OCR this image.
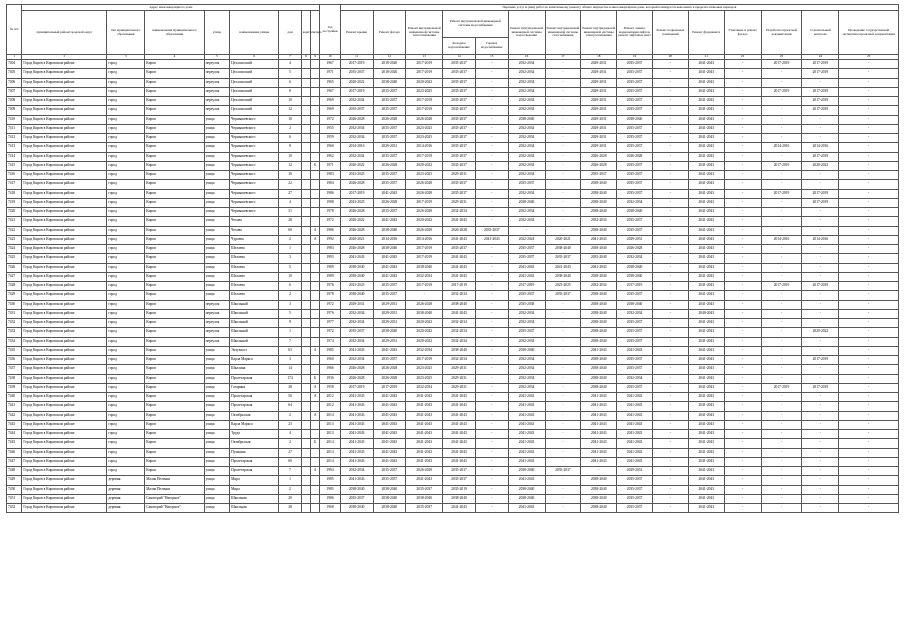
№ п/п	Адрес многоквартирного дома								Год постройки	Перечень услуг и (или) работ по капитальному ремонту общего имущества в многоквартирном доме, который планируется выполнить в пределах плановых периодов														
	муниципальный район/городской округ	тип муниципального образования	наименование муниципального образования	улица	наименование улицы	дом	корпус	литера		Ремонт крыши	Ремонт фасада	Ремонт внутридомовой инженерной системы теплоснабжения	Ремонт внутридомовой инженерной системы водоснабжения		Ремонт внутридомовой инженерной системы водоотведения	Ремонт внутридомовой инженерной системы газоснабжения	Ремонт внутридомовой инженерной системы электроснабжения	Ремонт, замена, модернизация лифтов, ремонт лифтовых шахт	Ремонт подвальных помещений	Ремонт фундамента	Утепление и ремонт фасада	Разработка проектной документации	Строительный контроль	Проведение государственной экспертизы проектной документации
													Холодное водоснабжение	Горячее водоснабжение										
1	2	3	4	5	6	7	8	9	10	11	12	13	14	15	16	17	18	19	20	21	22	23	24	25
7404	Город Киров в Кировском районе	город	Киров	переулок	Цехломоский	4			1967	2017-2019	2018-2020	2017-2019	2035-2037	-	2032-2034	-	2029-2031	2035-2037	-	2041-2043	-	2017-2019	2017-2019	-
7405	Город Киров в Кировском районе	город	Киров	переулок	Цехломоский	5			1971	2035-2037	2018-2020	2017-2019	2035-2037	-	2032-2034	-	2029-2031	2035-2037	-	2041-2043	-	-	2017-2019	-
7406	Город Киров в Кировском районе	город	Киров	переулок	Цехломоский	6			1965	2020-2022	2038-2040	2020-2022	2035-2037	-	2032-2034	-	2029-2031	2035-2037	-	2041-2043	-	-	-	-
7407	Город Киров в Кировском районе	город	Киров	переулок	Цехломоский	8			1967	2017-2019	2035-2037	2023-2025	2035-2037	-	2032-2034	-	2029-2031	2035-2037	-	2041-2043	-	2017-2019	2017-2019	-
7408	Город Киров в Кировском районе	город	Киров	переулок	Цехломоский	10			1969	2032-2034	2035-2037	2017-2019	2035-2037	-	2032-2034	-	2029-2031	2035-2037	-	2041-2043	-	-	2017-2019	-
7409	Город Киров в Кировском районе	город	Киров	переулок	Цехломоский	12			1969	2035-2037	2035-2037	2017-2019	2035-2037	-	2032-2034	-	2029-2031	2035-2037	-	2041-2043	-	-	2017-2019	-
7410	Город Киров в Кировском районе	город	Киров	улица	Чернышевского	10			1972	2026-2028	2026-2028	2026-2028	2035-2037	-	2038-2040	-	2029-2031	2038-2040	-	2041-2043	-	-	-	-
7411	Город Киров в Кировском районе	город	Киров	улица	Чернышевского	2			1955	2032-2034	2035-2037	2023-2025	2035-2037	-	2032-2034	-	2029-2031	2035-2037	-	2041-2043	-	-	-	-
7412	Город Киров в Кировском районе	город	Киров	улица	Чернышевского	6			1959	2032-2034	2035-2037	2023-2025	2035-2037	-	2032-2034	-	2029-2031	2035-2037	-	2041-2043	-	-	-	-
7413	Город Киров в Кировском районе	город	Киров	улица	Чернышевского	8			1960	2014-2016	2029-2031	2014-2016	2035-2037	-	2032-2034	-	2029-2031	2035-2037	-	2041-2043	-	2014-2016	2014-2016	-
7414	Город Киров в Кировском районе	город	Киров	улица	Чернышевского	10			1962	2032-2034	2035-2037	2017-2019	2035-2037	-	2032-2034	-	2026-2028	2026-2028	-	2041-2043	-	-	2017-2019	-
7415	Город Киров в Кировском районе	город	Киров	улица	Чернышевского	12		Б	1971	2020-2022	2026-2028	2020-2022	2035-2037	-	2032-2034	-	2026-2028	2035-2037	-	2041-2043	-	2017-2019	2020-2022	-
7416	Город Киров в Кировском районе	город	Киров	улица	Чернышевского	16			1983	2023-2025	2035-2037	2023-2025	2029-2031	-	2032-2034	-	2035-2037	2035-2037	-	2041-2043	-	-	-	-
7417	Город Киров в Кировском районе	город	Киров	улица	Чернышевского	22			1984	2026-2028	2035-2037	2026-2028	2035-2037	-	2035-2037	-	2038-2040	2035-2037	-	2041-2043	-	-	-	-
7418	Город Киров в Кировском районе	город	Киров	улица	Чернышевского	27			1986	2017-2019	2041-2043	2026-2028	2035-2037	-	2032-2034	-	2038-2040	2035-2037	-	2041-2043	-	2017-2019	2017-2019	-
7419	Город Киров в Кировском районе	город	Киров	улица	Чернышевского	4			1988	2023-2025	2026-2028	2017-2019	2029-2031	-	2038-2040	-	2038-2040	2032-2034	-	2041-2043	-	-	2017-2019	-
7420	Город Киров в Кировском районе	город	Киров	улица	Чернышевского	31			1978	2026-2028	2035-2037	2026-2028	2032-2034	-	2032-2034	-	2038-2040	2038-2040	-	2041-2043	-	-	-	-
7421	Город Киров в Кировском районе	город	Киров	улица	Чехова	28			1972	2020-2022	2041-2043	2020-2022	2041-2043	-	2032-2034	-	2032-2034	2035-2037	-	2041-2043	-	-	-	-
7422	Город Киров в Кировском районе	город	Киров	улица	Чехова	60		А	1986	2026-2028	2038-2040	2026-2028	2026-2028	2035-2037	-	-	2038-2040	2035-2037	-	2041-2043	-	-	-	-
7423	Город Киров в Кировском районе	город	Киров	улица	Чураева	2		А	1992	2020-2021	2014-2016	2014-2016	2041-2043	2041-2043	2022-2024	2020-2021	2041-2043	2029-2031	-	2041-2043	-	2014-2016	2014-2016	-
7424	Город Киров в Кировском районе	город	Киров	улица	Шелаева	1			1983	2026-2028	2038-2040	2017-2019	2035-2037	-	2035-2037	2038-2040	2038-2040	2026-2028	-	2041-2043	-	-	-	-
7425	Город Киров в Кировском районе	город	Киров	улица	Шелаева	3			1993	2041-2043	2041-2043	2017-2019	2041-2043	-	2035-2037	2035-2037	2035-2040	2032-2034	-	2041-2043	-	-	-	-
7426	Город Киров в Кировском районе	город	Киров	улица	Шелаева	5			1989	2038-2040	2041-2043	2038-2040	2041-2043	-	2041-2043	2041-2043	2041-2043	2038-2040	-	2041-2043	-	-	-	-
7427	Город Киров в Кировском районе	город	Киров	улица	Шелаева	10			1989	2038-2040	2041-2043	2032-2034	2041-2043	-	2041-2043	2038-2040	2038-2040	2038-2040	-	2041-2043	-	-	-	-
7428	Город Киров в Кировском районе	город	Киров	улица	Шелаева	6			1976	2023-2025	2035-2037	2017-2019	2017-2019	-	2017-2019	2023-2025	2032-2034	2017-2019	-	2041-2043	-	2017-2019	2017-2019	-
7429	Город Киров в Кировском районе	город	Киров	улица	Шелаева	2			1978	2038-2040	2035-2037	-	2032-2034	-	2035-2037	2035-2037	2038-2040	2035-2037	-	2041-2043	-	-	-	-
7430	Город Киров в Кировском районе	город	Киров	переулок	Школьный	3			1972	2029-2031	2029-2031	2026-2028	2038-2040	-	2035-2038	-	2038-2040	2038-2040	-	2041-2043	-	-	-	-
7431	Город Киров в Кировском районе	город	Киров	переулок	Школьный	5			1976	2032-2034	2029-2031	2038-2040	2041-2043	-	2032-2034	-	2038-2040	2032-2034	-	2040-2043	-	-	-	-
7432	Город Киров в Кировском районе	город	Киров	переулок	Школьный	9			1977	2032-2034	2029-2031	2020-2022	2032-2034	-	2032-2034	-	2038-2040	2035-2037	-	2041-2043	-	-	-	-
7433	Город Киров в Кировском районе	город	Киров	переулок	Школьный	1			1972	2035-2037	2038-2040	2020-2022	2032-2034	-	2035-2037	-	2038-2040	2035-2037	-	2041-2043	-	-	2020-2022	-
7434	Город Киров в Кировском районе	город	Киров	переулок	Школьный	7			1974	2032-2034	2029-2031	2020-2022	2032-2034	-	2032-2034	-	2038-2040	2035-2037	-	2041-2043	-	-	-	-
7435	Город Киров в Кировском районе	город	Киров	улица	Энтузиаст	63		А	1985	2041-2043	2041-2043	2032-2034	2038-2040	-	2038-2040	-	2041-2043	2041-2043	-	2041-2043	-	-	-	-
7436	Город Киров в Кировском районе	город	Киров	улица	Карла Маркса	3			1960	2032-2034	2035-2037	2017-2019	2032-2034	-	2032-2034	-	2038-2040	2035-2037	-	2041-2043	-	-	2017-2019	-
7437	Город Киров в Кировском районе	город	Киров	улица	Шкалина	14			1966	2026-2028	2026-2028	2023-2025	2029-2031	-	2032-2034	-	2038-2040	2035-2037	-	2041-2043	-	-	-	-
7438	Город Киров в Кировском районе	город	Киров	улица	Пролетарская	174		Б	1936	2026-2028	2026-2028	2023-2025	2029-2031	-	2032-2034	-	2038-2040	2032-2034	-	2041-2043	-	-	-	-
7439	Город Киров в Кировском районе	город	Киров	улица	Гагарина	28		А	1958	2017-2019	2017-2019	2032-2034	2029-2031	-	2032-2034	-	2038-2040	2035-2037	-	2041-2043	-	2017-2019	2017-2019	-
7440	Город Киров в Кировском районе	город	Киров	улица	Пролетарская	56		А	2012	2041-2043	2041-2043	2041-2043	2041-2043	-	2041-2043	-	2041-2043	2041-2043	-	2041-2043	-	-	-	-
7441	Город Киров в Кировском районе	город	Киров	улица	Пролетарская	64			2012	2041-2043	2041-2043	2041-2043	2041-2043	-	2041-2043	-	2041-2043	2041-2043	-	2041-2043	-	-	-	-
7442	Город Киров в Кировском районе	город	Киров	улица	Октябрьская	2		А	2014	2041-2043	2041-2043	2041-2043	2041-2043	-	2041-2043	-	2041-2043	2041-2043	-	2041-2043	-	-	-	-
7443	Город Киров в Кировском районе	город	Киров	улица	Карла Маркса	23			2013	2041-2043	2041-2043	2041-2043	2041-2043	-	2041-2043	-	2041-2043	2041-2043	-	2041-2043	-	-	-	-
7444	Город Киров в Кировском районе	город	Киров	улица	Труда	4			2013	2041-2043	2041-2043	2041-2043	2041-2043	-	2041-2043	-	2041-2043	2041-2043	-	2041-2043	-	-	-	-
7445	Город Киров в Кировском районе	город	Киров	улица	Октябрьская	2		Б	2014	2041-2043	2041-2043	2041-2043	2041-2043	-	2041-2043	-	2041-2043	2041-2043	-	2041-2043	-	-	-	-
7446	Город Киров в Кировском районе	город	Киров	улица	Пушкина	27			2014	2041-2043	2041-2043	2041-2043	2041-2043	-	2041-2043	-	2041-2043	2041-2043	-	2041-2043	-	-	-	-
7447	Город Киров в Кировском районе	город	Киров	улица	Пролетарская	60			2014	2041-2043	2041-2043	2041-2043	2041-2043	-	2041-2043	-	2041-2043	2041-2043	-	2041-2043	-	-	-	-
7448	Город Киров в Кировском районе	город	Киров	улица	Пролетарская	7		А	1994	2032-2034	2035-2037	2026-2028	2035-2037	-	2038-2040	2035-2037	-	2029-2031	-	2041-2043	-	-	-	-
7449	Город Киров в Кировском районе	деревня	Малая Пеленна	улица	Мира	1			1985	2041-2043	2035-2037	2041-2043	2035-2037	-	2041-2043	-	2038-2040	2035-2037	-	2041-2043	-	-	-	-
7450	Город Киров в Кировском районе	деревня	Малая Пеленна	улица	Мира	2			1985	2038-2040	2038-2040	2035-2037	2035-2019	-	2038-2040	-	2038-2040	2035-2037	-	2041-2043	-	-	-	-
7451	Город Киров в Кировском районе	деревня	Санаторий "Нагорное"	улица	Школьная	20			1986	2035-2037	2038-2040	2038-2040	2038-2040	-	2038-2040	-	2038-2040	2035-2037	-	2041-2043	-	-	-	-
7452	Город Киров в Кировском районе	деревня	Санаторий "Нагорное"	улица	Школьная	28			1968	2038-2040	2038-2040	2035-2037	2041-2043	-	2041-2043	-	2038-2040	2035-2037	-	2041-2043	-	-	-	-
